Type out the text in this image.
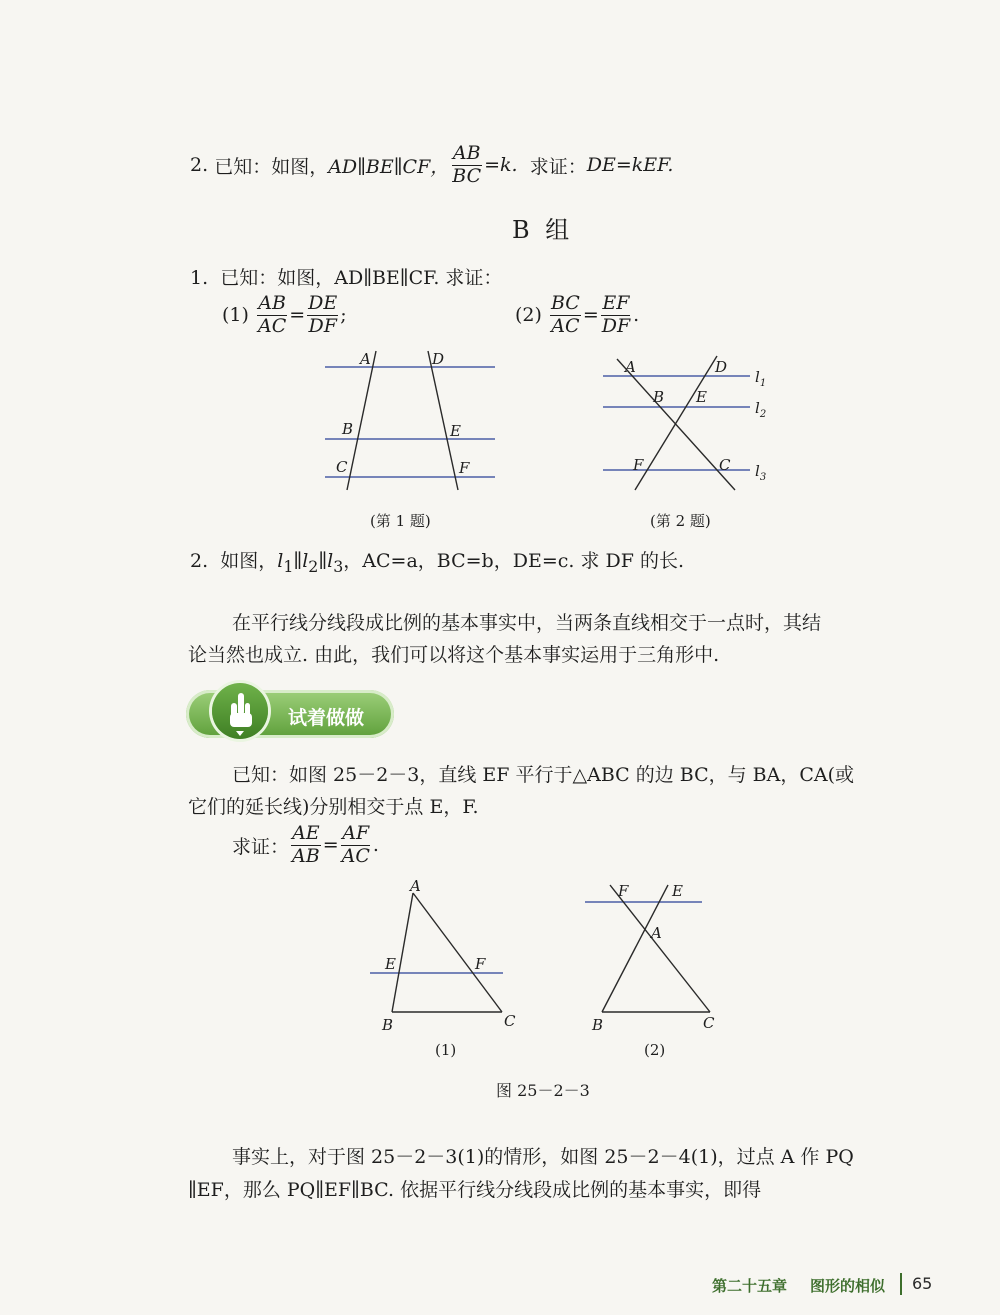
2.
已知：如图， AD∥BE∥CF， $\frac{AB}{BC} =k$.
求证： DE=kEF.
B 组
1. 已知：如图，AD∥BE∥CF. 求证：
(1)
$\frac{AB}{AC} = \frac{DE}{DF}$ ;	(2)
$\frac{BC}{AC} = \frac{EF}{DF}$ .
A	D
B	E
C	F
(第 1 题)
A	D
B E
F	C
$l_1$
$l_2$
$l_3$
(第 2 题)
2. 如图，$l_1\parallel l_2\parallel l_3$，AC=a，BC=b，DE=c. 求 DF 的长.
在平行线分线段成比例的基本事实中，当两条直线相交于一点时，其结
论当然也成立. 由此，我们可以将这个基本事实运用于三角形中.
试着做做
已知：如图 25－2－3，直线 EF 平行于△ABC 的边 BC，与 BA，CA(或
它们的延长线)分别相交于点 E，F.
求证： $\frac{AE}{AB} = \frac{AF}{AC}$ .
A
E	F
B	C
(1)
F	E
A
B	C
(2)
图 25－2－3
事实上，对于图 25－2－3(1)的情形，如图 25－2－4(1)，过点 A 作 PQ
∥EF，那么 PQ∥EF∥BC. 依据平行线分线段成比例的基本事实，即得
第二十五章 图形的相似 65
